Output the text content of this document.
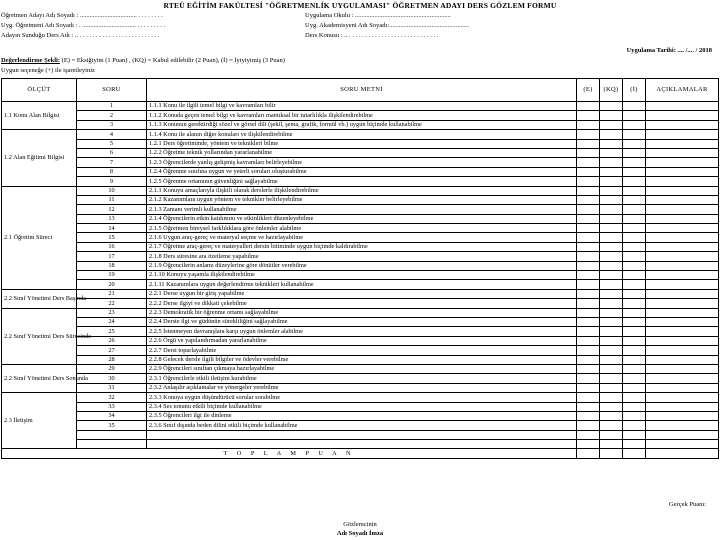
RTEÜ EĞİTİM FAKÜLTESİ "ÖĞRETMENLİK UYGULAMASI" ÖĞRETMEN ADAYI DERS GÖZLEM FORMU
Öğretmen Adayı Adı Soyadı : ................................... . . . . . . . .
Uyg. Öğretmeni Adı Soyadı : . ................................. . . . . . . . . .
Adayın Sunduğu Ders Adı : .. . . . . . . . . . . . . . . . . . . . . . . . . .
Uygulama Okulu : ...........................................................
Uyg. Akademisyeni Adı Soyadı:.................................................
Ders Konusu : .. . . . . . . . . . . . . . . . . . . . . . . . . . . . .
Uygulama Tarihi: .... /.... / 2018
Değerlendirme Şekli: (E) = Eksiğiyim (1 Puan) , (KQ) = Kabul edilebilir (2 Puan), (İ) = İyiyiyimiş (3 Puan)
Uygun seçeneğe (+) ile işaretleyiniz
ÖLÇÜT	SORU	SORU METNİ	(E)	(KQ)	(İ)	AÇIKLAMALAR
1.1 Konu Alan Bilgisi	1	1.1.1 Konu ile ilgili temel bilgi ve kavramları bilir				
	2	1.1.2 Konuda geçen temel bilgi ve kavramları mantıksal bir tutarlılıkla ilişkilendirebilme				
	3	1.1.3 Konunun gerektirdiği sözel ve görsel dili (şekil, şema, grafik, formül vb.) uygun biçimde kullanabilme				
1.2 Alan Eğitimi Bilgisi	4	1.1.4 Konu ile alanın diğer konuları ve ilişkilendirebilme				
	5	1.2.1 Ders öğretiminde, yöntem ve teknikleri bilme				
	6	1.2.2 Öğretme teknik yollarından yararlanabilme				
	7	1.2.3 Öğrencilerde yanlış gelişmiş kavramları belirleyebilme				
	8	1.2.4 Öğrenme sınıfına uygun ve yeterli soruları oluşturabilme				
	9	1.2.5 Öğrenme ortamının güvenliğini sağlayabilme				
2.1 Öğretim Süreci	10	2.1.1 Konuyu amaçlarıyla ilişkili olarak derslerle ilişkilendirebilme				
	11	2.1.2 Kazanımlara uygun yöntem ve teknikler belirleyebilme				
	12	2.1.3 Zamanı verimli kullanabilme				
	13	2.1.4 Öğrencilerin etkin katılımını ve etkinlikleri düzenleyebilme				
	14	2.1.5 Öğretmen bireysel farklılıklara göre önlemler alabilme				
	15	2.1.6 Uygun araç-gereç ve materyal seçme ve hazırlayabilme				
	16	2.1.7 Öğretme araç-gereç ve materyalleri dersin bitiminde uygun biçimde kaldırabilme				
	17	2.1.8 Ders süresine ara özetleme yapabilme				
	18	2.1.9 Öğrencilerin anlamı düzeylerine göre dönütler verebilme				
	19	2.1.10 Konuyu yaşamla ilişkilendirebilme				
	20	2.1.11 Kazanımlara uygun değerlendirme teknikleri kullanabilme				
2.2 Sınıf Yönetimi Ders Başında	21	2.2.1 Derse uygun bir giriş yapabilme				
	22	2.2.2 Derse ilgiyi ve dikkati çekebilme				
2.2 Sınıf Yönetimi Ders Sürecinde	23	2.2.3 Demokratik bir öğrenme ortamı sağlayabilme				
	24	2.2.4 Derste ilgi ve güdünün sürekliliğini sağlayabilme				
	25	2.2.5 İstenmeyen davranışlara karşı uygun önlemler alabilme				
	26	2.2.6 Örgü ve yapılandırmadan yararlanabilme				
	27	2.2.7 Dersi toparlayabilme				
	28	2.2.8 Gelecek dersle ilgili bilgiler ve ödevler verebilme				
2.2 Sınıf Yönetimi Ders Sonunda	29	2.2.9 Öğrencileri sınıftan çıkmaya hazırlayabilme				
	30	2.3.1 Öğrencilerle etkili iletişim kurabilme				
	31	2.3.2 Anlaşılır açıklamalar ve yönergeler verebilme				
2.3 İletişim	32	2.3.3 Konuya uygun düşündürücü sorular sorabilme				
	33	2.3.4 Ses tonunu etkili biçimde kullanabilme				
	34	2.3.5 Öğrencileri ilgi ile dinleme				
	35	2.3.6 Sınıf dışında beden dilini etkili biçimde kullanabilme				

T O P L A M P U A N						
Gerçek Puanı:
Gözlemcinin
Adı Soyadı İmza
